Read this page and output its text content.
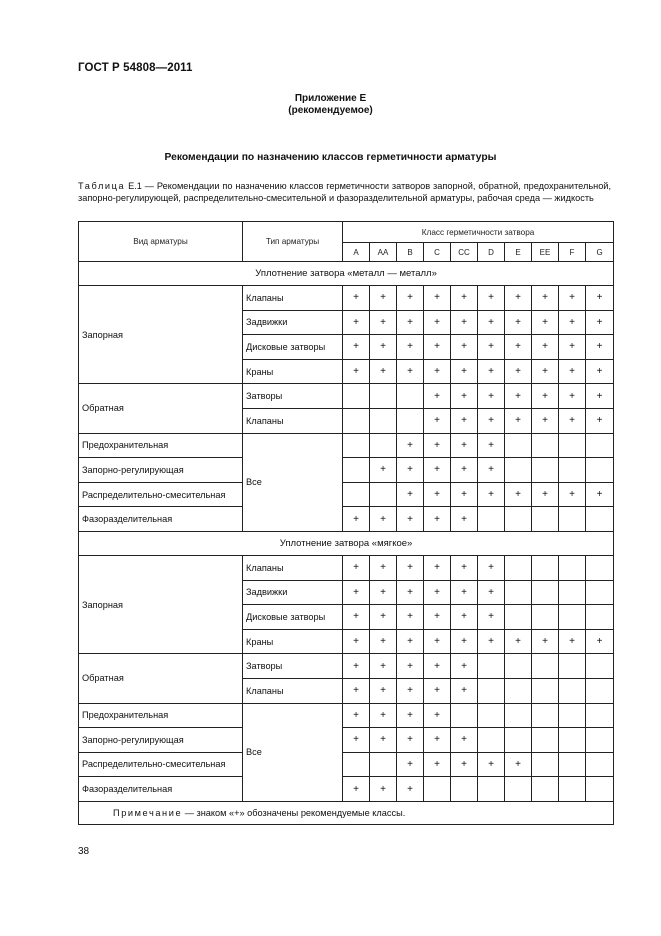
ГОСТ Р 54808—2011
Приложение Е
(рекомендуемое)
Рекомендации по назначению классов герметичности арматуры
Таблица Е.1 — Рекомендации по назначению классов герметичности затворов запорной, обратной, предохранительной, запорно-регулирующей, распределительно-смесительной и фазоразделительной арматуры, рабочая среда — жидкость
Вид арматуры	Тип арматуры	Класс герметичности затвора									
		A	AA	B	C	CC	D	E	EE	F	G
Уплотнение затвора «металл — металл»											
Запорная	Клапаны	+	+	+	+	+	+	+	+	+	+
	Задвижки	+	+	+	+	+	+	+	+	+	+
	Дисковые затворы	+	+	+	+	+	+	+	+	+	+
	Краны	+	+	+	+	+	+	+	+	+	+
Обратная	Затворы				+	+	+	+	+	+	+
	Клапаны				+	+	+	+	+	+	+
Предохранительная	Все			+	+	+	+				
Запорно-регулирующая			+	+	+	+	+				
Распределительно-смесительная				+	+	+	+	+	+	+	+
Фазоразделительная		+	+	+	+	+					
Уплотнение затвора «мягкое»											
Запорная	Клапаны	+	+	+	+	+	+				
	Задвижки	+	+	+	+	+	+				
	Дисковые затворы	+	+	+	+	+	+				
	Краны	+	+	+	+	+	+	+	+	+	+
Обратная	Затворы	+	+	+	+	+					
	Клапаны	+	+	+	+	+					
Предохранительная	Все	+	+	+	+						
Запорно-регулирующая		+	+	+	+	+					
Распределительно-смесительная				+	+	+	+	+			
Фазоразделительная		+	+	+							
Примечание — знаком «+» обозначены рекомендуемые классы.											
38
